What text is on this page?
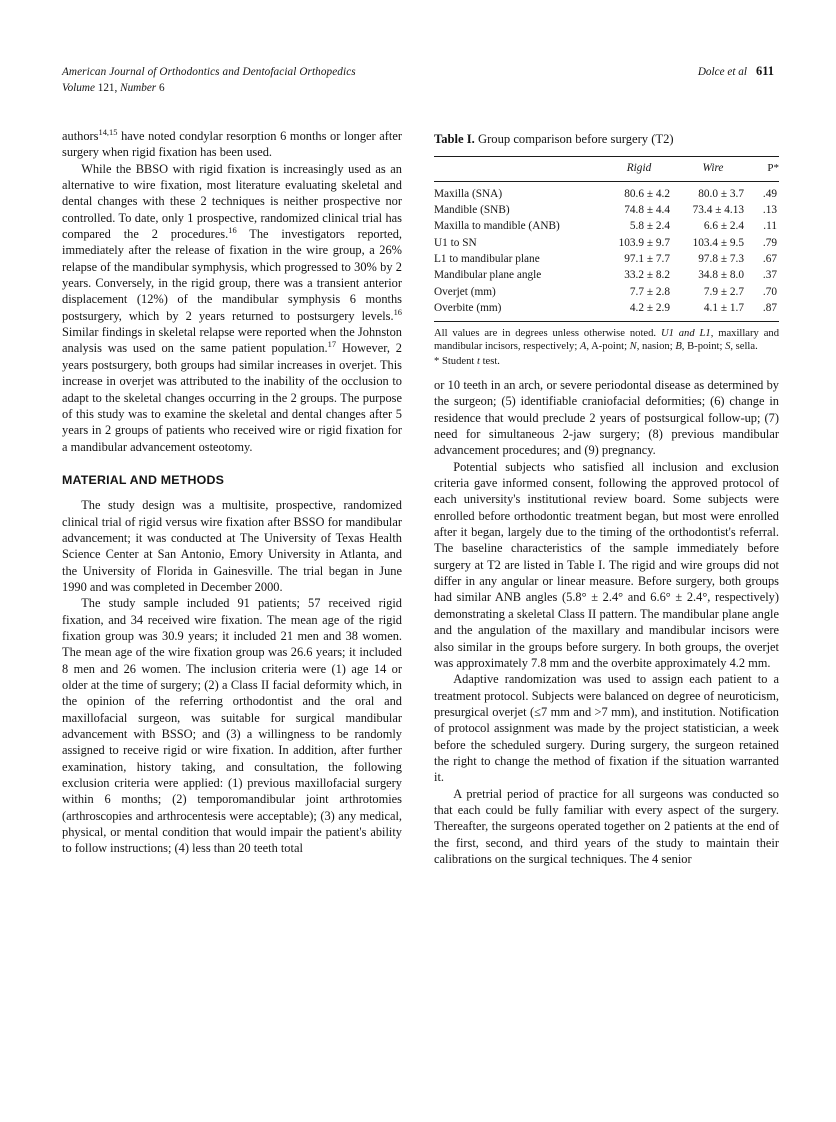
American Journal of Orthodontics and Dentofacial Orthopedics	Dolce et al 611
Volume 121, Number 6

authors$^{14,15}$ have noted condylar resorption 6 months or longer after surgery when rigid fixation has been used.

While the BBSO with rigid fixation is increasingly used as an alternative to wire fixation, most literature evaluating skeletal and dental changes with these 2 techniques is neither prospective nor controlled. To date, only 1 prospective, randomized clinical trial has compared the 2 procedures.$^{16}$ The investigators reported, immediately after the release of fixation in the wire group, a 26% relapse of the mandibular symphysis, which progressed to 30% by 2 years. Conversely, in the rigid group, there was a transient anterior displacement (12%) of the mandibular symphysis 6 months postsurgery, which by 2 years returned to postsurgery levels.$^{16}$ Similar findings in skeletal relapse were reported when the Johnston analysis was used on the same patient population.$^{17}$ However, 2 years postsurgery, both groups had similar increases in overjet. This increase in overjet was attributed to the inability of the occlusion to adapt to the skeletal changes occurring in the 2 groups. The purpose of this study was to examine the skeletal and dental changes after 5 years in 2 groups of patients who received wire or rigid fixation for a mandibular advancement osteotomy.

MATERIAL AND METHODS

The study design was a multisite, prospective, randomized clinical trial of rigid versus wire fixation after BSSO for mandibular advancement; it was conducted at The University of Texas Health Science Center at San Antonio, Emory University in Atlanta, and the University of Florida in Gainesville. The trial began in June 1990 and was completed in December 2000.

The study sample included 91 patients; 57 received rigid fixation, and 34 received wire fixation. The mean age of the rigid fixation group was 30.9 years; it included 21 men and 38 women. The mean age of the wire fixation group was 26.6 years; it included 8 men and 26 women. The inclusion criteria were (1) age 14 or older at the time of surgery; (2) a Class II facial deformity which, in the opinion of the referring orthodontist and the oral and maxillofacial surgeon, was suitable for surgical mandibular advancement with BSSO; and (3) a willingness to be randomly assigned to receive rigid or wire fixation. In addition, after further examination, history taking, and consultation, the following exclusion criteria were applied: (1) previous maxillofacial surgery within 6 months; (2) temporomandibular joint arthrotomies (arthroscopies and arthrocentesis were acceptable); (3) any medical, physical, or mental condition that would impair the patient's ability to follow instructions; (4) less than 20 teeth total

Table I. Group comparison before surgery (T2)
	Rigid	Wire	P*
Maxilla (SNA)	80.6 ± 4.2	80.0 ± 3.7	.49
Mandible (SNB)	74.8 ± 4.4	73.4 ± 4.13	.13
Maxilla to mandible (ANB)	5.8 ± 2.4	6.6 ± 2.4	.11
U1 to SN	103.9 ± 9.7	103.4 ± 9.5	.79
L1 to mandibular plane	97.1 ± 7.7	97.8 ± 7.3	.67
Mandibular plane angle	33.2 ± 8.2	34.8 ± 8.0	.37
Overjet (mm)	7.7 ± 2.8	7.9 ± 2.7	.70
Overbite (mm)	4.2 ± 2.9	4.1 ± 1.7	.87

All values are in degrees unless otherwise noted. U1 and L1, maxillary and mandibular incisors, respectively; A, A-point; N, nasion; B, B-point; S, sella.
* Student t test.

or 10 teeth in an arch, or severe periodontal disease as determined by the surgeon; (5) identifiable craniofacial deformities; (6) change in residence that would preclude 2 years of postsurgical follow-up; (7) need for simultaneous 2-jaw surgery; (8) previous mandibular advancement procedures; and (9) pregnancy.

Potential subjects who satisfied all inclusion and exclusion criteria gave informed consent, following the approved protocol of each university's institutional review board. Some subjects were enrolled before orthodontic treatment began, but most were enrolled after it began, largely due to the timing of the orthodontist's referral. The baseline characteristics of the sample immediately before surgery at T2 are listed in Table I. The rigid and wire groups did not differ in any angular or linear measure. Before surgery, both groups had similar ANB angles (5.8° ± 2.4° and 6.6° ± 2.4°, respectively) demonstrating a skeletal Class II pattern. The mandibular plane angle and the angulation of the maxillary and mandibular incisors were also similar in the groups before surgery. In both groups, the overjet was approximately 7.8 mm and the overbite approximately 4.2 mm.

Adaptive randomization was used to assign each patient to a treatment protocol. Subjects were balanced on degree of neuroticism, presurgical overjet (≤7 mm and >7 mm), and institution. Notification of protocol assignment was made by the project statistician, a week before the scheduled surgery. During surgery, the surgeon retained the right to change the method of fixation if the situation warranted it.

A pretrial period of practice for all surgeons was conducted so that each could be fully familiar with every aspect of the surgery. Thereafter, the surgeons operated together on 2 patients at the end of the first, second, and third years of the study to maintain their calibrations on the surgical techniques. The 4 senior
